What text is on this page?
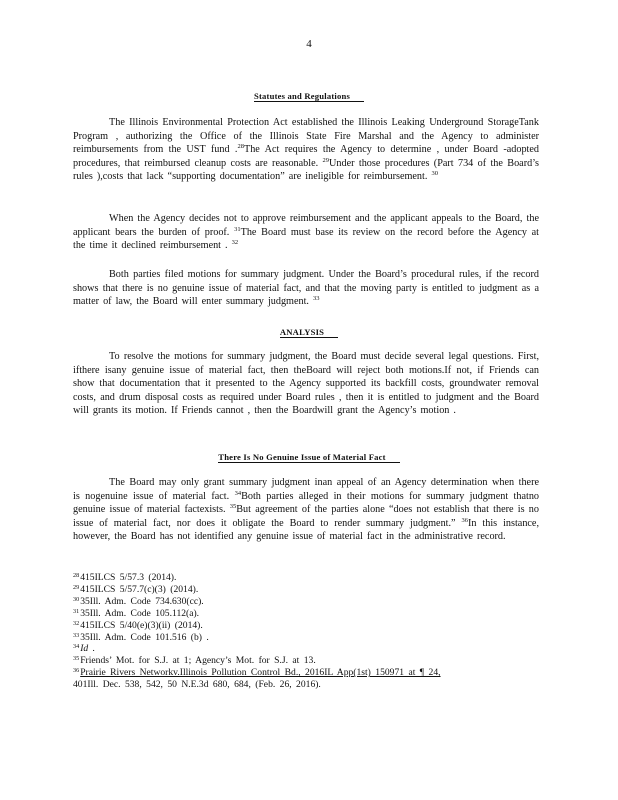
4
Statutes and Regulations
The Illinois Environmental Protection Act established the Illinois Leaking Underground StorageTank Program , authorizing the Office of the Illinois State Fire Marshal and the Agency to administer reimbursements from the UST fund .$^{28}$The Act requires the Agency to determine , under Board -adopted procedures, that reimbursed cleanup costs are reasonable. $^{29}$Under those procedures (Part 734 of the Board’s rules ),costs that lack “supporting documentation” are ineligible for reimbursement. $^{30}$
When the Agency decides not to approve reimbursement and the applicant appeals to the Board, the applicant bears the burden of proof. $^{31}$The Board must base its review on the record before the Agency at the time it declined reimbursement . $^{32}$
Both parties filed motions for summary judgment. Under the Board’s procedural rules, if the record shows that there is no genuine issue of material fact, and that the moving party is entitled to judgment as a matter of law, the Board will enter summary judgment. $^{33}$
ANALYSIS
To resolve the motions for summary judgment, the Board must decide several legal questions. First, ifthere isany genuine issue of material fact, then theBoard will reject both motions.If not, if Friends can show that documentation that it presented to the Agency supported its backfill costs, groundwater removal costs, and drum disposal costs as required under Board rules , then it is entitled to judgment and the Board will grants its motion. If Friends cannot , then the Boardwill grant the Agency’s motion .
There Is No Genuine Issue of Material Fact
The Board may only grant summary judgment inan appeal of an Agency determination when there is nogenuine issue of material fact. $^{34}$Both parties alleged in their motions for summary judgment thatno genuine issue of material factexists. $^{35}$But agreement of the parties alone “does not establish that there is no issue of material fact, nor does it obligate the Board to render summary judgment.” $^{36}$In this instance, however, the Board has not identified any genuine issue of material fact in the administrative record.
$^{28}$415ILCS 5/57.3 (2014).
$^{29}$415ILCS 5/57.7(c)(3) (2014).
$^{30}$35Ill. Adm. Code 734.630(cc).
$^{31}$35Ill. Adm. Code 105.112(a).
$^{32}$415ILCS 5/40(e)(3)(ii) (2014).
$^{33}$35Ill. Adm. Code 101.516 (b) .
$^{34}$Id .
$^{35}$Friends’ Mot. for S.J. at 1; Agency’s Mot. for S.J. at 13.
$^{36}$Prairie Rivers Networkv.Illinois Pollution Control Bd., 2016IL App(1st) 150971 at ¶ 24,
401Ill. Dec. 538, 542, 50 N.E.3d 680, 684, (Feb. 26, 2016).
